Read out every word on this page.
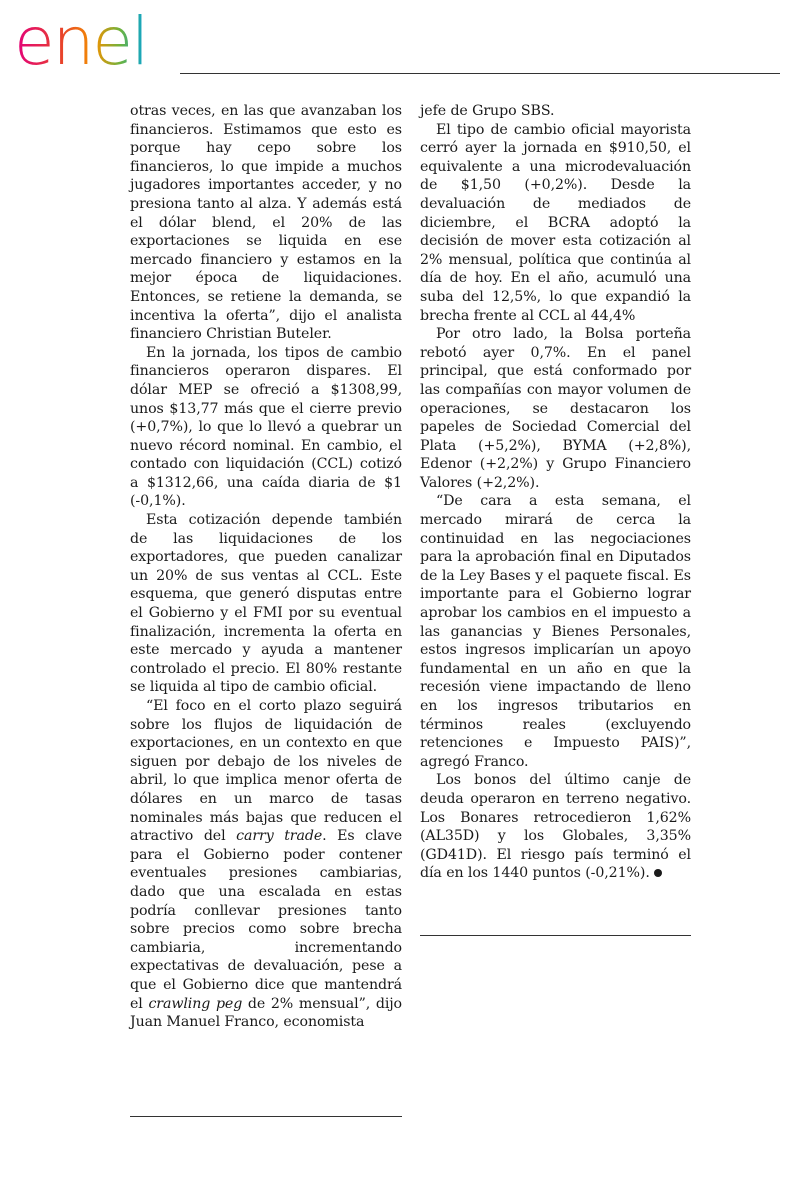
enel

otras veces, en las que avanzaban los financieros. Estimamos que esto es porque hay cepo sobre los financieros, lo que impide a muchos jugadores importantes acceder, y no presiona tanto al alza. Y además está el dólar blend, el 20% de las exportaciones se liquida en ese mercado financiero y estamos en la mejor época de liquidaciones. Entonces, se retiene la demanda, se incentiva la oferta”, dijo el analista financiero Christian Buteler.

En la jornada, los tipos de cambio financieros operaron dispares. El dólar MEP se ofreció a $1308,99, unos $13,77 más que el cierre previo (+0,7%), lo que lo llevó a quebrar un nuevo récord nominal. En cambio, el contado con liquidación (CCL) cotizó a $1312,66, una caída diaria de $1 (-0,1%).

Esta cotización depende también de las liquidaciones de los exportadores, que pueden canalizar un 20% de sus ventas al CCL. Este esquema, que generó disputas entre el Gobierno y el FMI por su eventual finalización, incrementa la oferta en este mercado y ayuda a mantener controlado el precio. El 80% restante se liquida al tipo de cambio oficial.

“El foco en el corto plazo seguirá sobre los flujos de liquidación de exportaciones, en un contexto en que siguen por debajo de los niveles de abril, lo que implica menor oferta de dólares en un marco de tasas nominales más bajas que reducen el atractivo del carry trade. Es clave para el Gobierno poder contener eventuales presiones cambiarias, dado que una escalada en estas podría conllevar presiones tanto sobre precios como sobre brecha cambiaria, incrementando expectativas de devaluación, pese a que el Gobierno dice que mantendrá el crawling peg de 2% mensual”, dijo Juan Manuel Franco, economista

jefe de Grupo SBS.

El tipo de cambio oficial mayorista cerró ayer la jornada en $910,50, el equivalente a una microdevaluación de $1,50 (+0,2%). Desde la devaluación de mediados de diciembre, el BCRA adoptó la decisión de mover esta cotización al 2% mensual, política que continúa al día de hoy. En el año, acumuló una suba del 12,5%, lo que expandió la brecha frente al CCL al 44,4%

Por otro lado, la Bolsa porteña rebotó ayer 0,7%. En el panel principal, que está conformado por las compañías con mayor volumen de operaciones, se destacaron los papeles de Sociedad Comercial del Plata (+5,2%), BYMA (+2,8%), Edenor (+2,2%) y Grupo Financiero Valores (+2,2%).

“De cara a esta semana, el mercado mirará de cerca la continuidad en las negociaciones para la aprobación final en Diputados de la Ley Bases y el paquete fiscal. Es importante para el Gobierno lograr aprobar los cambios en el impuesto a las ganancias y Bienes Personales, estos ingresos implicarían un apoyo fundamental en un año en que la recesión viene impactando de lleno en los ingresos tributarios en términos reales (excluyendo retenciones e Impuesto PAIS)”, agregó Franco.

Los bonos del último canje de deuda operaron en terreno negativo. Los Bonares retrocedieron 1,62% (AL35D) y los Globales, 3,35% (GD41D). El riesgo país terminó el día en los 1440 puntos (-0,21%).
